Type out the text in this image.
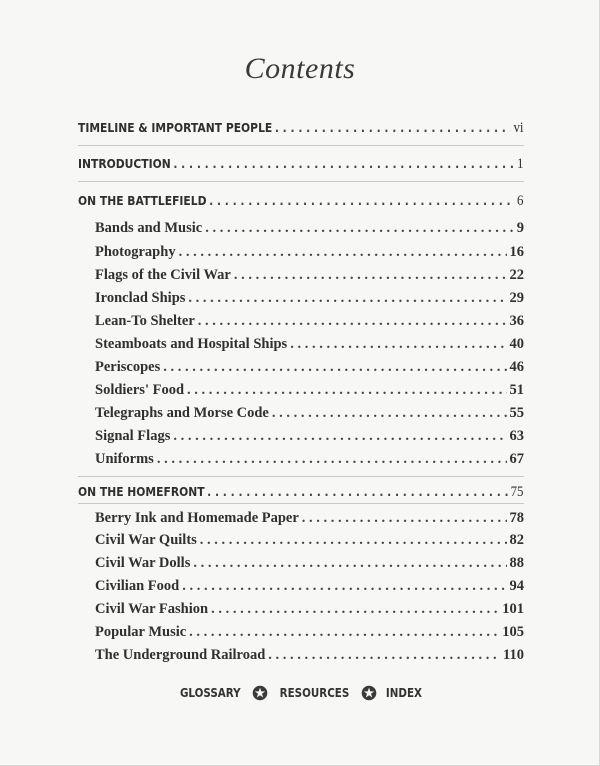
Contents
TIMELINE & IMPORTANT PEOPLE . . .	vi
INTRODUCTION . . .	1
ON THE BATTLEFIELD . . .	6
Bands and Music . . .	9
Photography . . .	16
Flags of the Civil War . . .	22
Ironclad Ships . . .	29
Lean-To Shelter . . .	36
Steamboats and Hospital Ships . . .	40
Periscopes . . .	46
Soldiers' Food . . .	51
Telegraphs and Morse Code . . .	55
Signal Flags . . .	63
Uniforms . . .	67
ON THE HOMEFRONT . . .	75
Berry Ink and Homemade Paper . . .	78
Civil War Quilts . . .	82
Civil War Dolls . . .	88
Civilian Food . . .	94
Civil War Fashion . . .	101
Popular Music . . .	105
The Underground Railroad . . .	110
GLOSSARY	RESOURCES	INDEX
